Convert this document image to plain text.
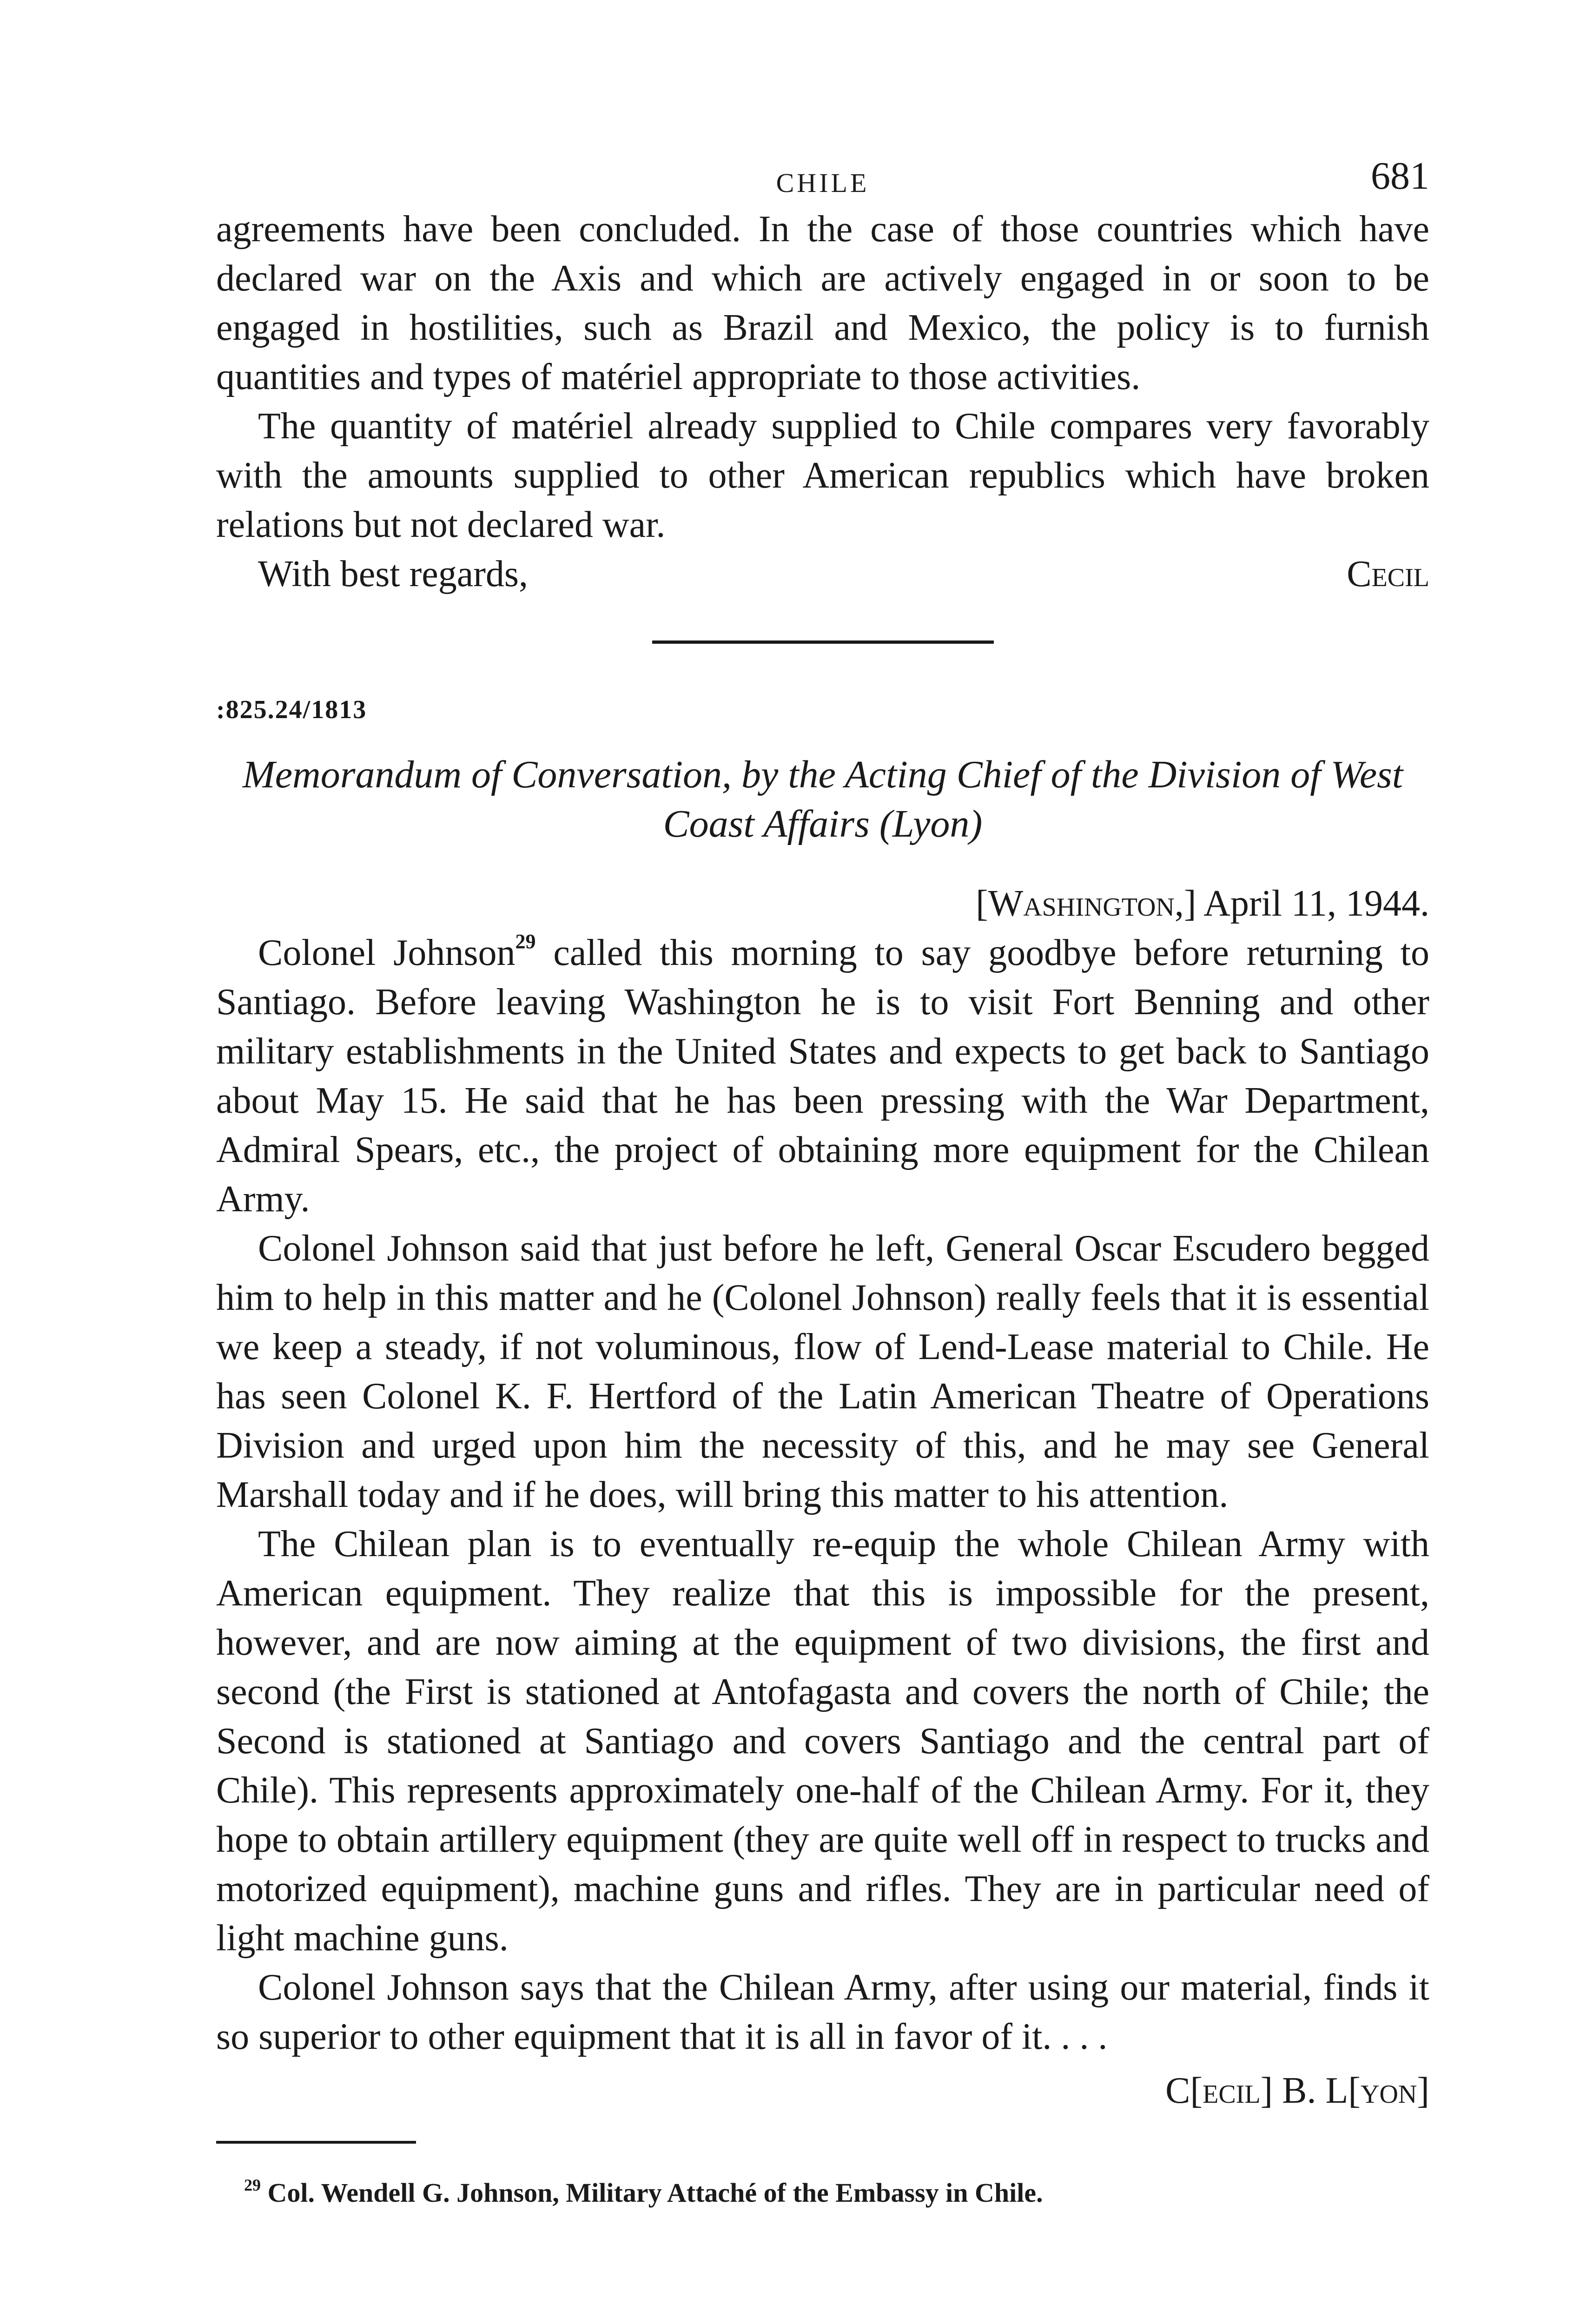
CHILE	681

agreements have been concluded. In the case of those countries which have declared war on the Axis and which are actively engaged in or soon to be engaged in hostilities, such as Brazil and Mexico, the policy is to furnish quantities and types of matériel appropriate to those activities.

The quantity of matériel already supplied to Chile compares very favorably with the amounts supplied to other American republics which have broken relations but not declared war.

With best regards,	Cecil
:825.24/1813
Memorandum of Conversation, by the Acting Chief of the Division of West Coast Affairs (Lyon)
[Washington,] April 11, 1944.

Colonel Johnson$^{29}$ called this morning to say goodbye before returning to Santiago. Before leaving Washington he is to visit Fort Benning and other military establishments in the United States and expects to get back to Santiago about May 15. He said that he has been pressing with the War Department, Admiral Spears, etc., the project of obtaining more equipment for the Chilean Army.

Colonel Johnson said that just before he left, General Oscar Escudero begged him to help in this matter and he (Colonel Johnson) really feels that it is essential we keep a steady, if not voluminous, flow of Lend-Lease material to Chile. He has seen Colonel K. F. Hertford of the Latin American Theatre of Operations Division and urged upon him the necessity of this, and he may see General Marshall today and if he does, will bring this matter to his attention.

The Chilean plan is to eventually re-equip the whole Chilean Army with American equipment. They realize that this is impossible for the present, however, and are now aiming at the equipment of two divisions, the first and second (the First is stationed at Antofagasta and covers the north of Chile; the Second is stationed at Santiago and covers Santiago and the central part of Chile). This represents approximately one-half of the Chilean Army. For it, they hope to obtain artillery equipment (they are quite well off in respect to trucks and motorized equipment), machine guns and rifles. They are in particular need of light machine guns.

Colonel Johnson says that the Chilean Army, after using our material, finds it so superior to other equipment that it is all in favor of it. . . .

C[ecil] B. L[yon]
$^{29}$ Col. Wendell G. Johnson, Military Attaché of the Embassy in Chile.
